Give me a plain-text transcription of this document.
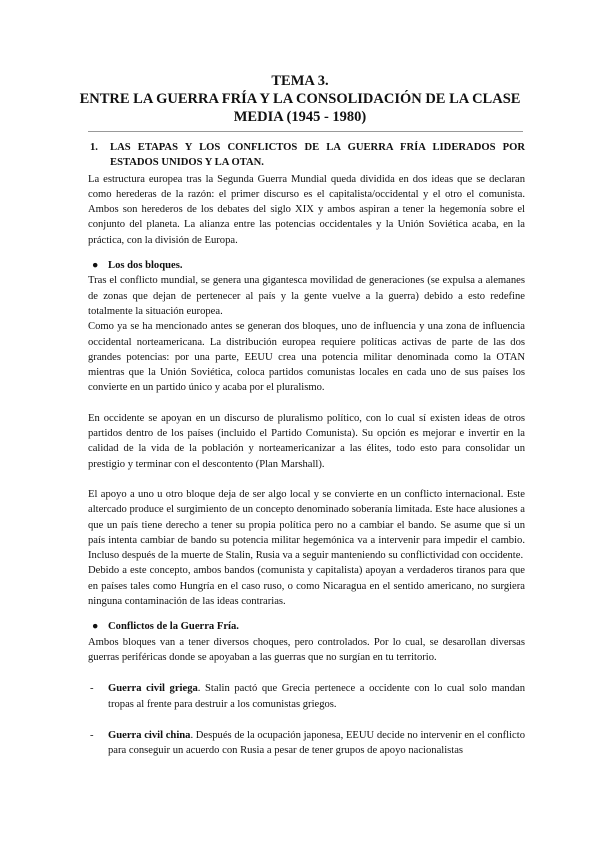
TEMA 3.
ENTRE LA GUERRA FRÍA Y LA CONSOLIDACIÓN DE LA CLASE
MEDIA (1945 - 1980)
1. LAS ETAPAS Y LOS CONFLICTOS DE LA GUERRA FRÍA LIDERADOS POR ESTADOS UNIDOS Y LA OTAN.

La estructura europea tras la Segunda Guerra Mundial queda dividida en dos ideas que se declaran como herederas de la razón: el primer discurso es el capitalista/occidental y el otro el comunista. Ambos son herederos de los debates del siglo XIX y ambos aspiran a tener la hegemonía sobre el conjunto del planeta. La alianza entre las potencias occidentales y la Unión Soviética acaba, en la práctica, con la división de Europa.

● Los dos bloques.

Tras el conflicto mundial, se genera una gigantesca movilidad de generaciones (se expulsa a alemanes de zonas que dejan de pertenecer al país y la gente vuelve a la guerra) debido a esto redefine totalmente la situación europea.

Como ya se ha mencionado antes se generan dos bloques, uno de influencia y una zona de influencia occidental norteamericana. La distribución europea requiere políticas activas de parte de las dos grandes potencias: por una parte, EEUU crea una potencia militar denominada como la OTAN mientras que la Unión Soviética, coloca partidos comunistas locales en cada uno de sus países los convierte en un partido único y acaba por el pluralismo.

En occidente se apoyan en un discurso de pluralismo político, con lo cual sí existen ideas de otros partidos dentro de los países (incluido el Partido Comunista). Su opción es mejorar e invertir en la calidad de la vida de la población y norteamericanizar a las élites, todo esto para consolidar un prestigio y terminar con el descontento (Plan Marshall).

El apoyo a uno u otro bloque deja de ser algo local y se convierte en un conflicto internacional. Este altercado produce el surgimiento de un concepto denominado soberanía limitada. Este hace alusiones a que un país tiene derecho a tener su propia política pero no a cambiar el bando. Se asume que si un país intenta cambiar de bando su potencia militar hegemónica va a intervenir para impedir el cambio. Incluso después de la muerte de Stalin, Rusia va a seguir manteniendo su conflictividad con occidente.

Debido a este concepto, ambos bandos (comunista y capitalista) apoyan a verdaderos tiranos para que en países tales como Hungría en el caso ruso, o como Nicaragua en el sentido americano, no surgiera ninguna contaminación de las ideas contrarias.

● Conflictos de la Guerra Fría.

Ambos bloques van a tener diversos choques, pero controlados. Por lo cual, se desarollan diversas guerras periféricas donde se apoyaban a las guerras que no surgían en tu territorio.

- Guerra civil griega. Stalin pactó que Grecia pertenece a occidente con lo cual solo mandan tropas al frente para destruir a los comunistas griegos.
- Guerra civil china. Después de la ocupación japonesa, EEUU decide no intervenir en el conflicto para conseguir un acuerdo con Rusia a pesar de tener grupos de apoyo nacionalistas
